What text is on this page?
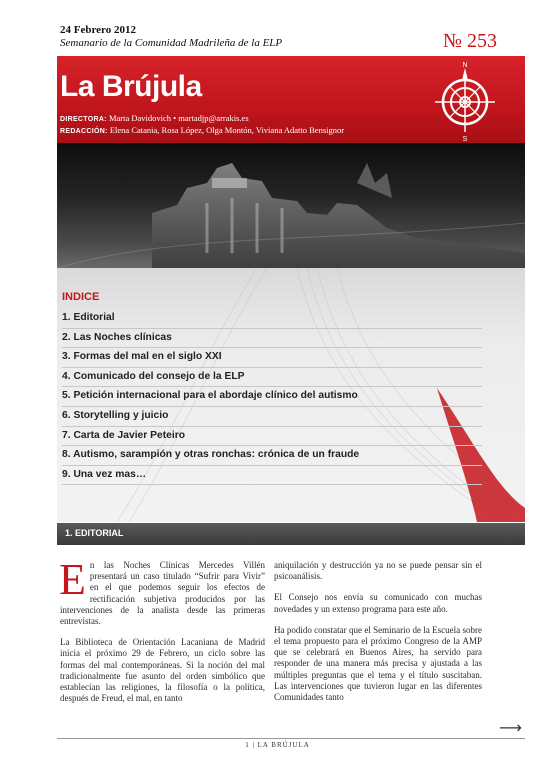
24 Febrero 2012
Semanario de la Comunidad Madrileña de la ELP	№ 253
La Brújula
DIRECTORA: Marta Davidovich • martadjp@arrakis.es
REDACCIÓN: Elena Catania, Rosa López, Olga Montón, Viviana Adatto Bensignor
N
S
INDICE
1. Editorial
2. Las Noches clínicas
3. Formas del mal en el siglo XXI
4. Comunicado del consejo de la ELP
5. Petición internacional para el abordaje clínico del autismo
6. Storytelling y juicio
7. Carta de Javier Peteiro
8. Autismo, sarampión y otras ronchas: crónica de un fraude
9. Una vez mas…
1. EDITORIAL

En las Noches Clínicas Mercedes Villén presentará un caso titulado “Sufrir para Vivir” en el que podemos seguir los efectos de rectificación subjetiva producidos por las intervenciones de la analista desde las primeras entrevistas.

La Biblioteca de Orientación Lacaniana de Madrid inicia el próximo 29 de Febrero, un ciclo sobre las formas del mal contemporáneas. Si la noción del mal tradicionalmente fue asunto del orden simbólico que establecían las religiones, la filosofía o la política, después de Freud, el mal, en tanto

aniquilación y destrucción ya no se puede pensar sin el psicoanálisis.

El Consejo nos envía su comunicado con muchas novedades y un extenso programa para este año.

Ha podido constatar que el Seminario de la Escuela sobre el tema propuesto para el próximo Congreso de la AMP que se celebrará en Buenos Aires, ha servido para responder de una manera más precisa y ajustada a las múltiples preguntas que el tema y el título suscitaban. Las intervenciones que tuvieron lugar en las diferentes Comunidades tanto

⟶
1 | LA BRÚJULA
